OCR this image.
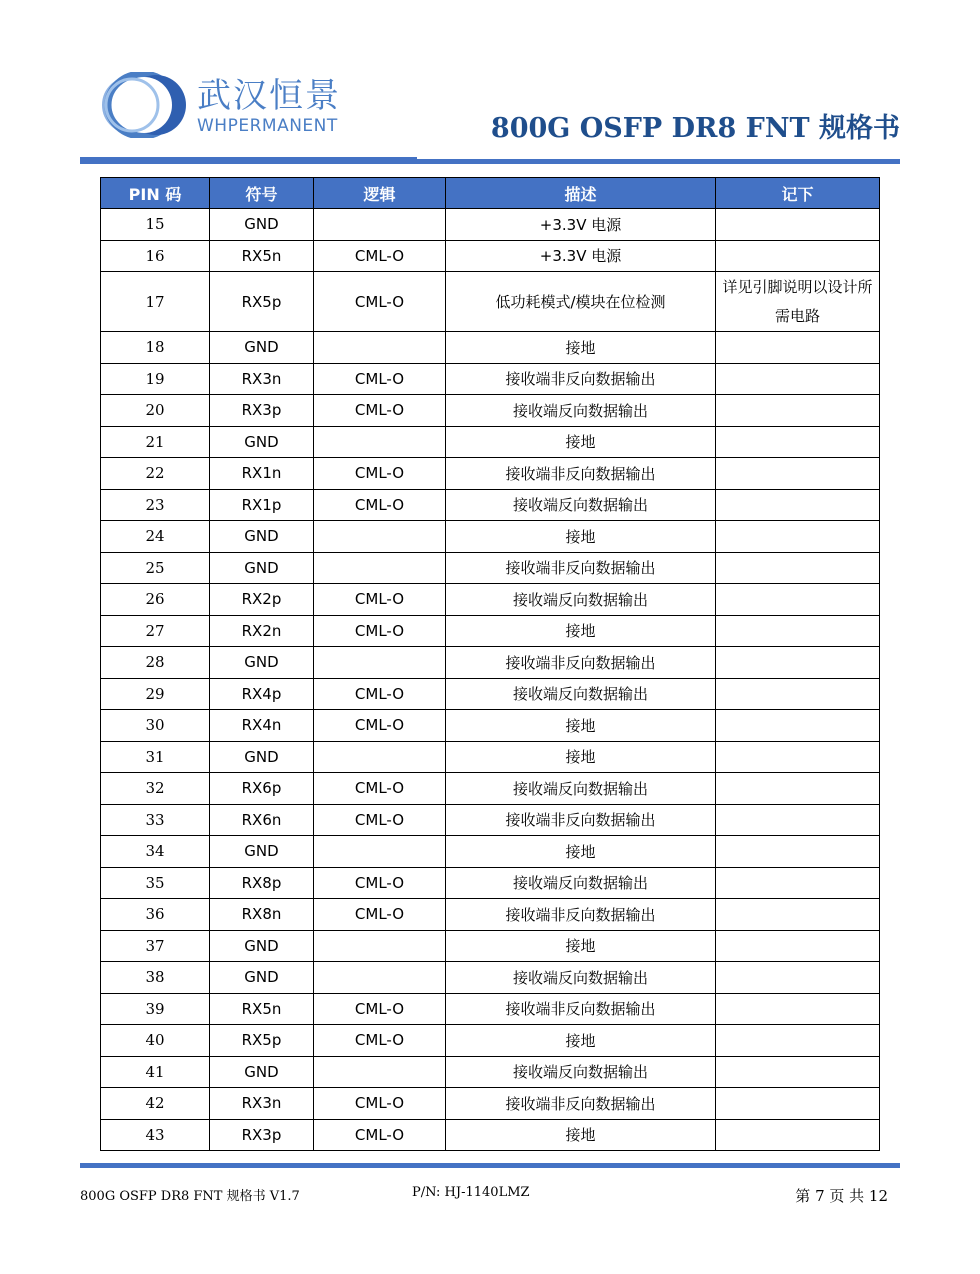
武汉恒景
WHPERMANENT	800G OSFP DR8 FNT 规格书
PIN 码	符号	逻辑	描述	记下
15	GND		+3.3V 电源	
16	RX5n	CML-O	+3.3V 电源	
17	RX5p	CML-O	低功耗模式/模块在位检测	详见引脚说明以设计所需电路
18	GND		接地	
19	RX3n	CML-O	接收端非反向数据输出	
20	RX3p	CML-O	接收端反向数据输出	
21	GND		接地	
22	RX1n	CML-O	接收端非反向数据输出	
23	RX1p	CML-O	接收端反向数据输出	
24	GND		接地	
25	GND		接收端非反向数据输出	
26	RX2p	CML-O	接收端反向数据输出	
27	RX2n	CML-O	接地	
28	GND		接收端非反向数据输出	
29	RX4p	CML-O	接收端反向数据输出	
30	RX4n	CML-O	接地	
31	GND		接地	
32	RX6p	CML-O	接收端反向数据输出	
33	RX6n	CML-O	接收端非反向数据输出	
34	GND		接地	
35	RX8p	CML-O	接收端反向数据输出	
36	RX8n	CML-O	接收端非反向数据输出	
37	GND		接地	
38	GND		接收端反向数据输出	
39	RX5n	CML-O	接收端非反向数据输出	
40	RX5p	CML-O	接地	
41	GND		接收端反向数据输出	
42	RX3n	CML-O	接收端非反向数据输出	
43	RX3p	CML-O	接地	
800G OSFP DR8 FNT 规格书 V1.7	P/N: HJ-1140LMZ	第 7 页 共 12
